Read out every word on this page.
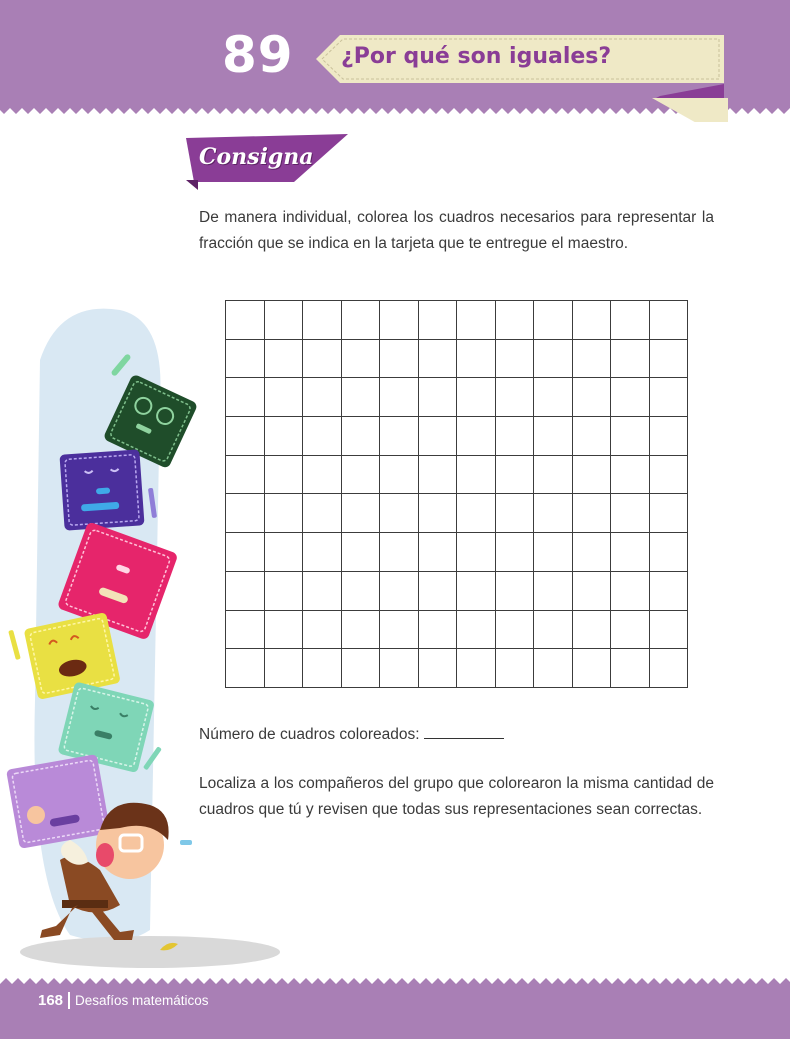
89 ¿Por qué son iguales?
Consigna
De manera individual, colorea los cuadros necesarios para representar la fracción que se indica en la tarjeta que te entregue el maestro.

Número de cuadros coloreados:
Localiza a los compañeros del grupo que colorearon la misma cantidad de cuadros que tú y revisen que todas sus representaciones sean correctas.
168 Desafíos matemáticos
